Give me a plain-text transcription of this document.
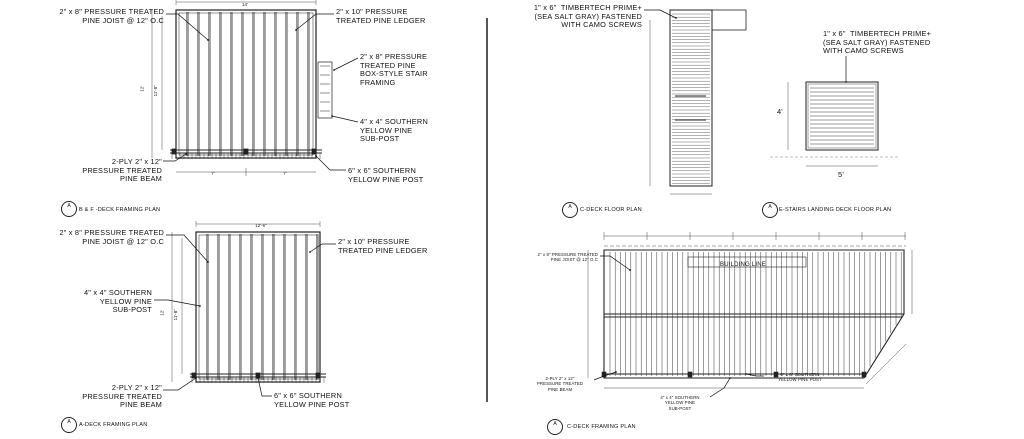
2" x 8" PRESSURE TREATED
PINE JOIST @ 12" O.C
2" x 10" PRESSURE
TREATED PINE LEDGER
2" x 8" PRESSURE
TREATED PINE
BOX-STYLE STAIR
FRAMING
4" x 4" SOUTHERN
YELLOW PINE
SUB-POST
2-PLY 2" x 12"
PRESSURE TREATED
PINE BEAM
6" x 6" SOUTHERN
YELLOW PINE POST
14'
12' 11'-8"
7'	7'
A
B & F -DECK FRAMING PLAN
2" x 8" PRESSURE TREATED
PINE JOIST @ 12" O.C	2" x 10" PRESSURE
TREATED PINE LEDGER
4" x 4" SOUTHERN
YELLOW PINE
SUB-POST
2-PLY 2" x 12"
PRESSURE TREATED
PINE BEAM
6" x 6" SOUTHERN
YELLOW PINE POST
12'-6"
12' 11'-8"
A	A-DECK FRAMING PLAN
1" x 6"  TIMBERTECH PRIME+
(SEA SALT GRAY) FASTENED
WITH CAMO SCREWS
A	C-DECK FLOOR PLAN
1" x 6"  TIMBERTECH PRIME+
(SEA SALT GRAY) FASTENED
WITH CAMO SCREWS
4'
5'
A	E-STAIRS LANDING DECK FLOOR PLAN
BUILDING LINE
2" x 8" PRESSURE TREATED
PINE JOIST @ 12" O.C
2-PLY 2" x 12"
PRESSURE TREATED
PINE BEAM
4" x 4" SOUTHERN
YELLOW PINE
SUB-POST
6" x 6" SOUTHERN
YELLOW PINE POST
A	C-DECK FRAMING PLAN
